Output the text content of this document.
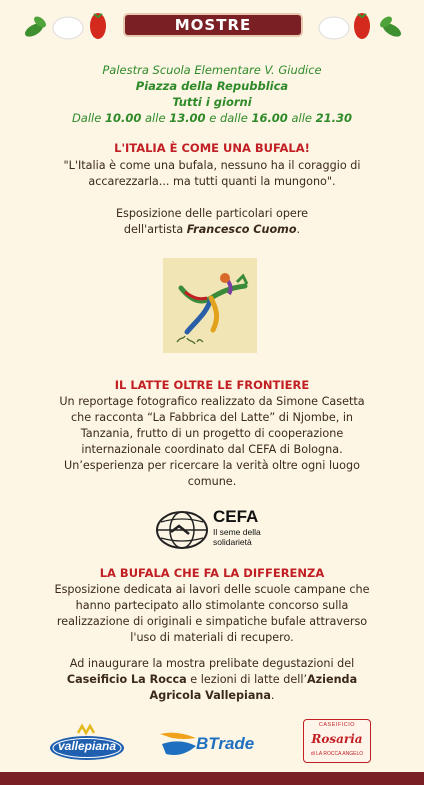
MOSTRE
Palestra Scuola Elementare V. Giudice
Piazza della Repubblica
Tutti i giorni
Dalle 10.00 alle 13.00 e dalle 16.00 alle 21.30
L'ITALIA È COME UNA BUFALA!
"L'Italia è come una bufala, nessuno ha il coraggio di
accarezzarla... ma tutti quanti la mungono".
Esposizione delle particolari opere
dell'artista Francesco Cuomo.
IL LATTE OLTRE LE FRONTIERE
Un reportage fotografico realizzato da Simone Casetta
che racconta “La Fabbrica del Latte” di Njombe, in
Tanzania, frutto di un progetto di cooperazione
internazionale coordinato dal CEFA di Bologna.
Un’esperienza per ricercare la verità oltre ogni luogo
comune.
CEFA
Il seme della
solidarietà
LA BUFALA CHE FA LA DIFFERENZA
Esposizione dedicata ai lavori delle scuole campane che
hanno partecipato allo stimolante concorso sulla
realizzazione di originali e simpatiche bufale attraverso
l'uso di materiali di recupero.
Ad inaugurare la mostra prelibate degustazioni del
Caseificio La Rocca e lezioni di latte dell’Azienda
Agricola Vallepiana.
vallepiana	BTrade
CASEIFICIO
Rosaria
di LA ROCCA ANGELO
